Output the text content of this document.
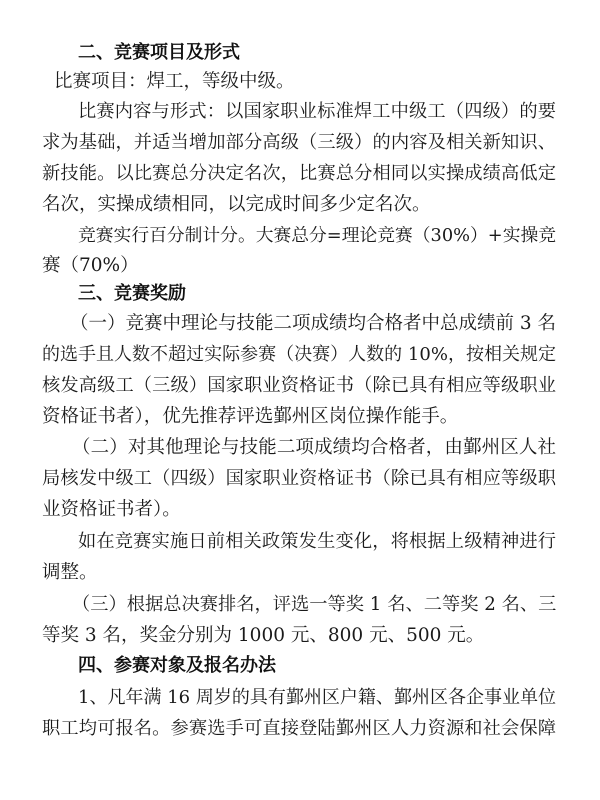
二、竞赛项目及形式
比赛项目：焊工，等级中级。
比赛内容与形式：以国家职业标准焊工中级工（四级）的要
求为基础，并适当增加部分高级（三级）的内容及相关新知识、
新技能。以比赛总分决定名次，比赛总分相同以实操成绩高低定
名次，实操成绩相同，以完成时间多少定名次。
竞赛实行百分制计分。大赛总分=理论竞赛（30%）+实操竞
赛（70%）
三、竞赛奖励
（一）竞赛中理论与技能二项成绩均合格者中总成绩前 3 名
的选手且人数不超过实际参赛（决赛）人数的 10%，按相关规定
核发高级工（三级）国家职业资格证书（除已具有相应等级职业
资格证书者），优先推荐评选鄞州区岗位操作能手。
（二）对其他理论与技能二项成绩均合格者，由鄞州区人社
局核发中级工（四级）国家职业资格证书（除已具有相应等级职
业资格证书者）。
如在竞赛实施日前相关政策发生变化，将根据上级精神进行
调整。
（三）根据总决赛排名，评选一等奖 1 名、二等奖 2 名、三
等奖 3 名，奖金分别为 1000 元、800 元、500 元。
四、参赛对象及报名办法
1、凡年满 16 周岁的具有鄞州区户籍、鄞州区各企事业单位
职工均可报名。参赛选手可直接登陆鄞州区人力资源和社会保障
